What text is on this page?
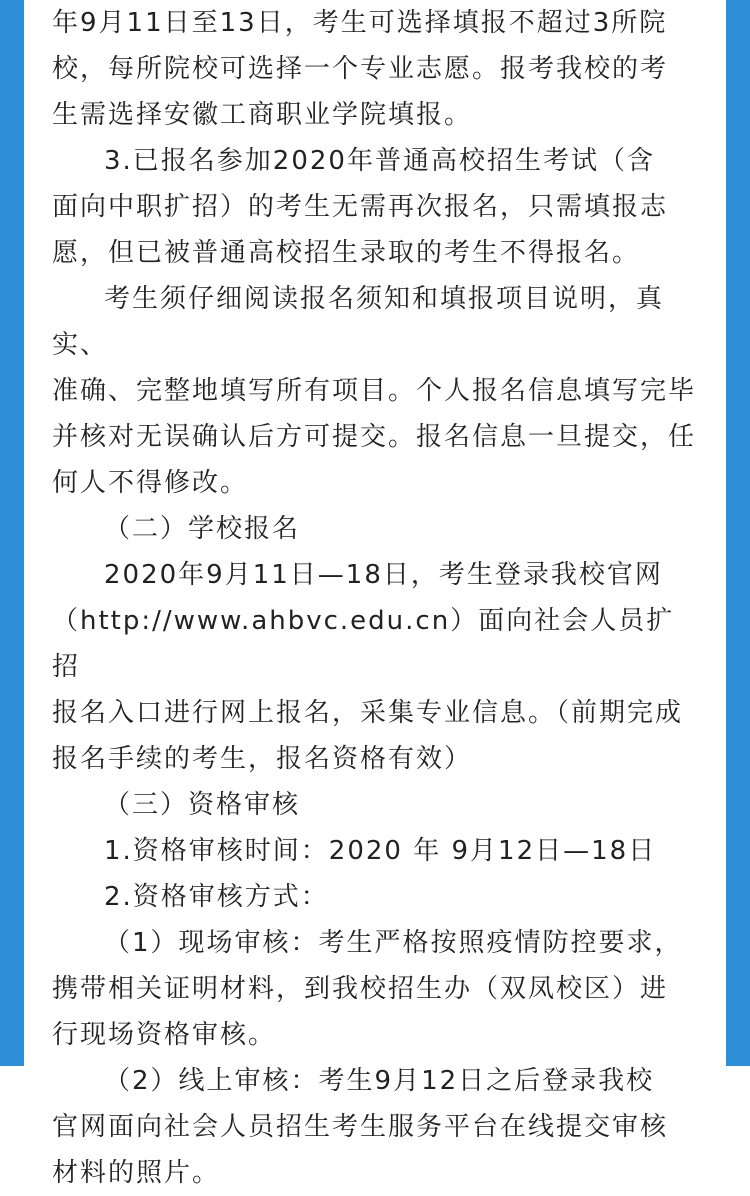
年9月11日至13日，考生可选择填报不超过3所院
校，每所院校可选择一个专业志愿。报考我校的考
生需选择安徽工商职业学院填报。
3.已报名参加2020年普通高校招生考试（含
面向中职扩招）的考生无需再次报名，只需填报志
愿，但已被普通高校招生录取的考生不得报名。
考生须仔细阅读报名须知和填报项目说明，真实、
准确、完整地填写所有项目。个人报名信息填写完毕
并核对无误确认后方可提交。报名信息一旦提交，任
何人不得修改。
（二）学校报名
2020年9月11日—18日，考生登录我校官网
（http://www.ahbvc.edu.cn）面向社会人员扩招
报名入口进行网上报名，采集专业信息。（前期完成
报名手续的考生，报名资格有效）
（三）资格审核
1.资格审核时间：2020 年 9月12日—18日
2.资格审核方式：
（1）现场审核：考生严格按照疫情防控要求，
携带相关证明材料，到我校招生办（双凤校区）进
行现场资格审核。
（2）线上审核：考生9月12日之后登录我校
官网面向社会人员招生考生服务平台在线提交审核
材料的照片。
